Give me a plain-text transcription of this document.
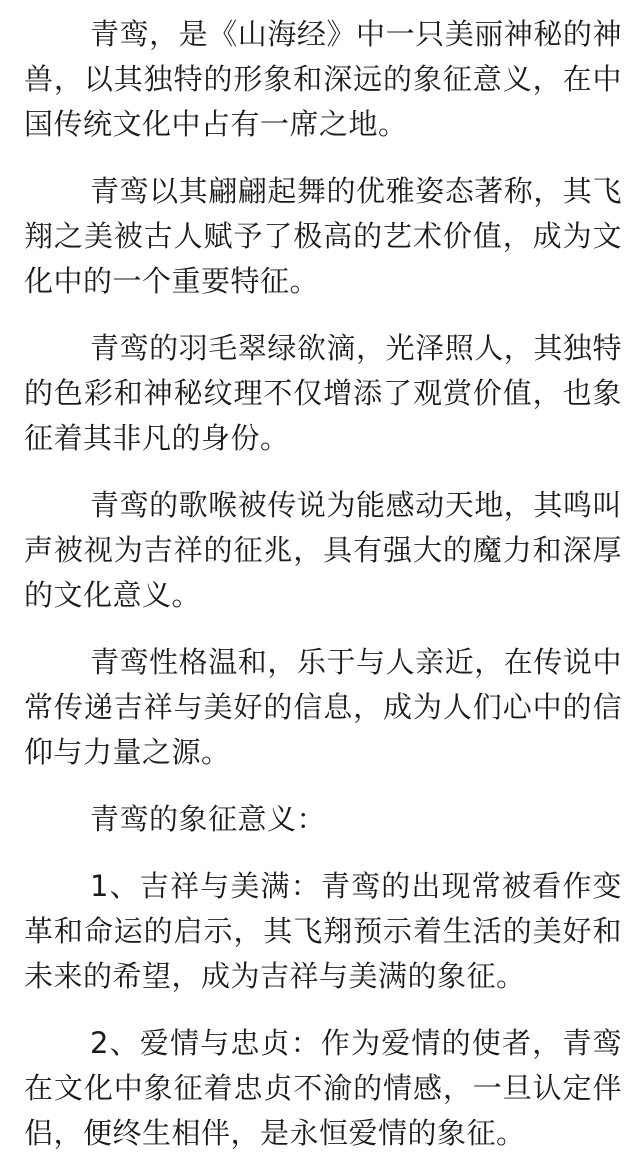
青鸾，是《山海经》中一只美丽神秘的神兽，以其独特的形象和深远的象征意义，在中国传统文化中占有一席之地。

青鸾以其翩翩起舞的优雅姿态著称，其飞翔之美被古人赋予了极高的艺术价值，成为文化中的一个重要特征。

青鸾的羽毛翠绿欲滴，光泽照人，其独特的色彩和神秘纹理不仅增添了观赏价值，也象征着其非凡的身份。

青鸾的歌喉被传说为能感动天地，其鸣叫声被视为吉祥的征兆，具有强大的魔力和深厚的文化意义。

青鸾性格温和，乐于与人亲近，在传说中常传递吉祥与美好的信息，成为人们心中的信仰与力量之源。

青鸾的象征意义：

1、吉祥与美满：青鸾的出现常被看作变革和命运的启示，其飞翔预示着生活的美好和未来的希望，成为吉祥与美满的象征。

2、爱情与忠贞：作为爱情的使者，青鸾在文化中象征着忠贞不渝的情感，一旦认定伴侣，便终生相伴，是永恒爱情的象征。
